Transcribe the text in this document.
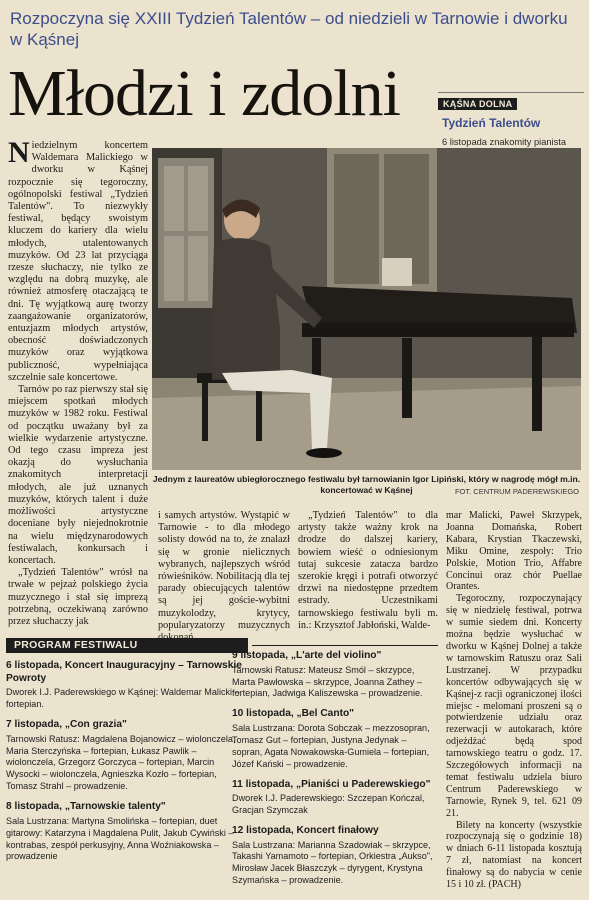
Rozpoczyna się XXIII Tydzień Talentów – od niedzieli w Tarnowie i dworku w Kąśnej
Młodzi i zdolni	KĄŚNA DOLNA
Tydzień Talentów
6 listopada znakomity pianista
Jednym z laureatów ubiegłorocznego festiwalu był tarnowianin Igor Lipiński, który w nagrodę mógł m.in. koncertować w Kąśnej	FOT. CENTRUM PADEREWSKIEGO

Niedzielnym koncertem Waldemara Malickiego w dworku w Kąśnej rozpocznie się tegoroczny, ogólnopolski festiwal „Tydzień Talentów". To niezwykły festiwal, będący swoistym kluczem do kariery dla wielu młodych, utalentowanych muzyków. Od 23 lat przyciąga rzesze słuchaczy, nie tylko ze względu na dobrą muzykę, ale również atmosferę otaczającą te dni. Tę wyjątkową aurę tworzy zaangażowanie organizatorów, entuzjazm młodych artystów, obecność doświadczonych muzyków oraz wyjątkowa publiczność, wypełniająca szczelnie sale koncertowe.

Tarnów po raz pierwszy stał się miejscem spotkań młodych muzyków w 1982 roku. Festiwal od początku uważany był za wielkie wydarzenie artystyczne. Od tego czasu impreza jest okazją do wysłuchania znakomitych interpretacji młodych, ale już uznanych muzyków, których talent i duże możliwości artystyczne doceniane były niejednokrotnie na wielu międzynarodowych festiwalach, konkursach i koncertach.

„Tydzień Talentów" wrósł na trwałe w pejzaż polskiego życia muzycznego i stał się imprezą potrzebną, oczekiwaną zarówno przez słuchaczy jak

i samych artystów. Wystąpić w Tarnowie - to dla młodego solisty dowód na to, że znalazł się w gronie nielicznych wybranych, najlepszych wśród rówieśników. Nobilitacją dla tej parady obiecujących talentów są jej goście-wybitni muzykolodzy, krytycy, popularyzatorzy muzycznych

„Tydzień Talentów" to dla artysty także ważny krok na drodze do dalszej kariery, bowiem wieść o odniesionym tutaj sukcesie zatacza bardzo szerokie kręgi i potrafi otworzyć drzwi na niedostępne przedtem estrady. Uczestnikami tarnowskiego festiwalu byli m. in.: Krzysztof Jabłoński, Walde-

mar Malicki, Paweł Skrzypek, Joanna Domańska, Robert Kabara, Krystian Tkaczewski, Miku Omine, zespoły: Trio Polskie, Motion Trio, Affabre Concinui oraz chór Puellae Orantes.

Tegoroczny, rozpoczynający się w niedzielę festiwal, potrwa w sumie siedem dni. Koncerty można będzie wysłuchać w dworku w Kąśnej Dolnej a także w tarnowskim Ratuszu oraz Sali Lustrzanej. W przypadku koncertów odbywających się w Kąśnej-z racji ograniczonej ilości miejsc - melomani proszeni są o potwierdzenie udziału oraz rezerwacji w autokarach, które odjeżdżać będą spod tarnowskiego teatru o godz. 17. Szczegółowych informacji na temat festiwalu udziela biuro Centrum Paderewskiego w Tarnowie, Rynek 9, tel. 621 09 21.

Bilety na koncerty (wszystkie rozpoczynają się o godzinie 18) w dniach 6-11 listopada kosztują 7 zł, natomiast na koncert finałowy są do nabycia w cenie 15 i 10 zł. (PACH)

PROGRAM FESTIWALU
6 listopada, Koncert Inauguracyjny – Tarnowskie Powroty
Dworek I.J. Paderewskiego w Kąśnej: Waldemar Malicki – fortepian.
7 listopada, „Con grazia"
Tarnowski Ratusz: Magdalena Bojanowicz – wiolonczela, Maria Sterczyńska – fortepian, Łukasz Pawlik – wiolonczela, Grzegorz Gorczyca – fortepian, Marcin Wysocki – wiolonczela, Agnieszka Kozło – fortepian, Tomasz Strahl – prowadzenie.
8 listopada, „Tarnowskie talenty"
Sala Lustrzana: Martyna Smolińska – fortepian, duet gitarowy: Katarzyna i Magdalena Pulit, Jakub Cywiński – kontrabas, zespół perkusyjny, Anna Woźniakowska – prowadzenie
9 listopada, „L'arte del violino"
Tarnowski Ratusz: Mateusz Smól – skrzypce, Marta Pawłowska – skrzypce, Joanna Zathey – fortepian, Jadwiga Kaliszewska – prowadzenie.
10 listopada, „Bel Canto"
Sala Lustrzana: Dorota Sobczak – mezzosopran, Tomasz Gut – fortepian, Justyna Jedynak – sopran, Agata Nowakowska-Gumiela – fortepian, Józef Kański – prowadzenie.
11 listopada, „Pianiści u Paderewskiego"
Dworek I.J. Paderewskiego: Szczepan Kończal, Gracjan Szymczak
12 listopada, Koncert finałowy
Sala Lustrzana: Marianna Szadowiak – skrzypce, Takashi Yamamoto – fortepian, Orkiestra „Aukso", Mirosław Jacek Błaszczyk – dyrygent, Krystyna Szymańska – prowadzenie.
